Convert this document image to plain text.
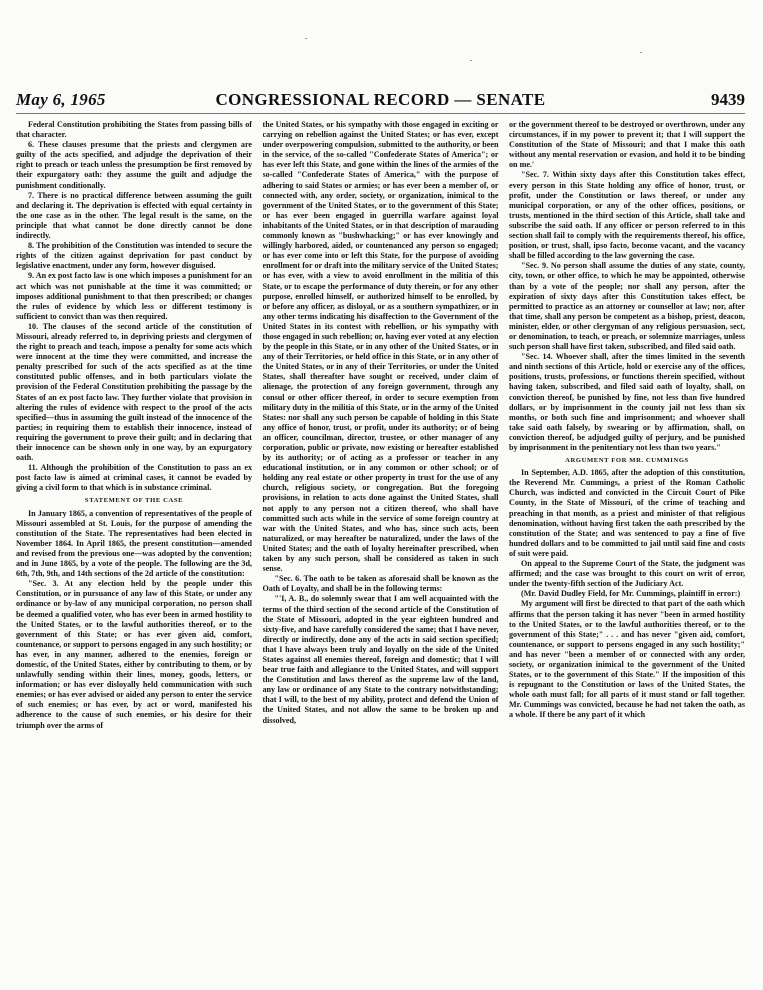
May 6, 1965	CONGRESSIONAL RECORD — SENATE	9439

Federal Constitution prohibiting the States from passing bills of that character.

6. These clauses presume that the priests and clergymen are guilty of the acts specified, and adjudge the deprivation of their right to preach or teach unless the presumption be first removed by their expurgatory oath: they assume the guilt and adjudge the punishment conditionally.

7. There is no practical difference between assuming the guilt and declaring it. The deprivation is effected with equal certainty in the one case as in the other. The legal result is the same, on the principle that what cannot be done directly cannot be done indirectly.

8. The prohibition of the Constitution was intended to secure the rights of the citizen against deprivation for past conduct by legislative enactment, under any form, however disguised.

9. An ex post facto law is one which imposes a punishment for an act which was not punishable at the time it was committed; or imposes additional punishment to that then prescribed; or changes the rules of evidence by which less or different testimony is sufficient to convict than was then required.

10. The clauses of the second article of the constitution of Missouri, already referred to, in depriving priests and clergymen of the right to preach and teach, impose a penalty for some acts which were innocent at the time they were committed, and increase the penalty prescribed for such of the acts specified as at the time constituted public offenses, and in both particulars violate the provision of the Federal Constitution prohibiting the passage by the States of an ex post facto law. They further violate that provision in altering the rules of evidence with respect to the proof of the acts specified—thus in assuming the guilt instead of the innocence of the parties; in requiring them to establish their innocence, instead of requiring the government to prove their guilt; and in declaring that their innocence can be shown only in one way, by an expurgatory oath.

11. Although the prohibition of the Constitution to pass an ex post facto law is aimed at criminal cases, it cannot be evaded by giving a civil form to that which is in substance criminal.

STATEMENT OF THE CASE

In January 1865, a convention of representatives of the people of Missouri assembled at St. Louis, for the purpose of amending the constitution of the State. The representatives had been elected in November 1864. In April 1865, the present constitution—amended and revised from the previous one—was adopted by the convention; and in June 1865, by a vote of the people. The following are the 3d, 6th, 7th, 9th, and 14th sections of the 2d article of the constitution:

"Sec. 3. At any election held by the people under this Constitution, or in pursuance of any law of this State, or under any ordinance or by-law of any municipal corporation, no person shall be deemed a qualified voter, who has ever been in armed hostility to the United States, or to the lawful authorities thereof, or to the government of this State; or has ever given aid, comfort, countenance, or support to persons engaged in any such hostility; or has ever, in any manner, adhered to the enemies, foreign or domestic, of the United States, either by contributing to them, or by unlawfully sending within their lines, money, goods, letters, or information; or has ever disloyally held communication with such enemies; or has ever advised or aided any person to enter the service of such enemies; or has ever, by act or word, manifested his adherence to the cause of such enemies, or his desire for their triumph over the arms of

the United States, or his sympathy with those engaged in exciting or carrying on rebellion against the United States; or has ever, except under overpowering compulsion, submitted to the authority, or been in the service, of the so-called "Confederate States of America"; or has ever left this State, and gone within the lines of the armies of the so-called "Confederate States of America," with the purpose of adhering to said States or armies; or has ever been a member of, or connected with, any order, society, or organization, inimical to the government of the United States, or to the government of this State; or has ever been engaged in guerrilla warfare against loyal inhabitants of the United States, or in that description of marauding commonly known as "bushwhacking;" or has ever knowingly and willingly harbored, aided, or countenanced any person so engaged; or has ever come into or left this State, for the purpose of avoiding enrollment for or draft into the military service of the United States; or has ever, with a view to avoid enrollment in the militia of this State, or to escape the performance of duty therein, or for any other purpose, enrolled himself, or authorized himself to be enrolled, by or before any officer, as disloyal, or as a southern sympathizer, or in any other terms indicating his disaffection to the Government of the United States in its contest with rebellion, or his sympathy with those engaged in such rebellion; or, having ever voted at any election by the people in this State, or in any other of the United States, or in any of their Territories, or held office in this State, or in any other of the United States, or in any of their Territories, or under the United States, shall thereafter have sought or received, under claim of alienage, the protection of any foreign government, through any consul or other officer thereof, in order to secure exemption from military duty in the militia of this State, or in the army of the United States: nor shall any such person be capable of holding in this State any office of honor, trust, or profit, under its authority; or of being an officer, councilman, director, trustee, or other manager of any corporation, public or private, now existing or hereafter established by its authority; or of acting as a professor or teacher in any educational institution, or in any common or other school; or of holding any real estate or other property in trust for the use of any church, religious society, or congregation. But the foregoing provisions, in relation to acts done against the United States, shall not apply to any person not a citizen thereof, who shall have committed such acts while in the service of some foreign country at war with the United States, and who has, since such acts, been naturalized, or may hereafter be naturalized, under the laws of the United States; and the oath of loyalty hereinafter prescribed, when taken by any such person, shall be considered as taken in such sense.

"Sec. 6. The oath to be taken as aforesaid shall be known as the Oath of Loyalty, and shall be in the following terms:

"'I, A. B., do solemnly swear that I am well acquainted with the terms of the third section of the second article of the Constitution of the State of Missouri, adopted in the year eighteen hundred and sixty-five, and have carefully considered the same; that I have never, directly or indirectly, done any of the acts in said section specified; that I have always been truly and loyally on the side of the United States against all enemies thereof, foreign and domestic; that I will bear true faith and allegiance to the United States, and will support the Constitution and laws thereof as the supreme law of the land, any law or ordinance of any State to the contrary notwithstanding; that I will, to the best of my ability, protect and defend the Union of the United States, and not allow the same to be broken up and dissolved,

or the government thereof to be destroyed or overthrown, under any circumstances, if in my power to prevent it; that I will support the Constitution of the State of Missouri; and that I make this oath without any mental reservation or evasion, and hold it to be binding on me.'

"Sec. 7. Within sixty days after this Constitution takes effect, every person in this State holding any office of honor, trust, or profit, under the Constitution or laws thereof, or under any municipal corporation, or any of the other offices, positions, or trusts, mentioned in the third section of this Article, shall take and subscribe the said oath. If any officer or person referred to in this section shall fail to comply with the requirements thereof, his office, position, or trust, shall, ipso facto, become vacant, and the vacancy shall be filled according to the law governing the case.

"Sec. 9. No person shall assume the duties of any state, county, city, town, or other office, to which he may be appointed, otherwise than by a vote of the people; nor shall any person, after the expiration of sixty days after this Constitution takes effect, be permitted to practice as an attorney or counsellor at law; nor, after that time, shall any person be competent as a bishop, priest, deacon, minister, elder, or other clergyman of any religious persuasion, sect, or denomination, to teach, or preach, or solemnize marriages, unless such person shall have first taken, subscribed, and filed said oath.

"Sec. 14. Whoever shall, after the times limited in the seventh and ninth sections of this Article, hold or exercise any of the offices, positions, trusts, professions, or functions therein specified, without having taken, subscribed, and filed said oath of loyalty, shall, on conviction thereof, be punished by fine, not less than five hundred dollars, or by imprisonment in the county jail not less than six months, or both such fine and imprisonment; and whoever shall take said oath falsely, by swearing or by affirmation, shall, on conviction thereof, be adjudged guilty of perjury, and be punished by imprisonment in the penitentiary not less than two years."

ARGUMENT FOR MR. CUMMINGS

In September, A.D. 1865, after the adoption of this constitution, the Reverend Mr. Cummings, a priest of the Roman Catholic Church, was indicted and convicted in the Circuit Court of Pike County, in the State of Missouri, of the crime of teaching and preaching in that month, as a priest and minister of that religious denomination, without having first taken the oath prescribed by the constitution of the State; and was sentenced to pay a fine of five hundred dollars and to be committed to jail until said fine and costs of suit were paid.

On appeal to the Supreme Court of the State, the judgment was affirmed; and the case was brought to this court on writ of error, under the twenty-fifth section of the Judiciary Act.

(Mr. David Dudley Field, for Mr. Cummings, plaintiff in error:)

My argument will first be directed to that part of the oath which affirms that the person taking it has never "been in armed hostility to the United States, or to the lawful authorities thereof, or to the government of this State;" . . . and has never "given aid, comfort, countenance, or support to persons engaged in any such hostility;" and has never "been a member of or connected with any order, society, or organization inimical to the government of the United States, or to the government of this State." If the imposition of this is repugnant to the Constitution or laws of the United States, the whole oath must fall; for all parts of it must stand or fall together. Mr. Cummings was convicted, because he had not taken the oath, as a whole. If there be any part of it which
